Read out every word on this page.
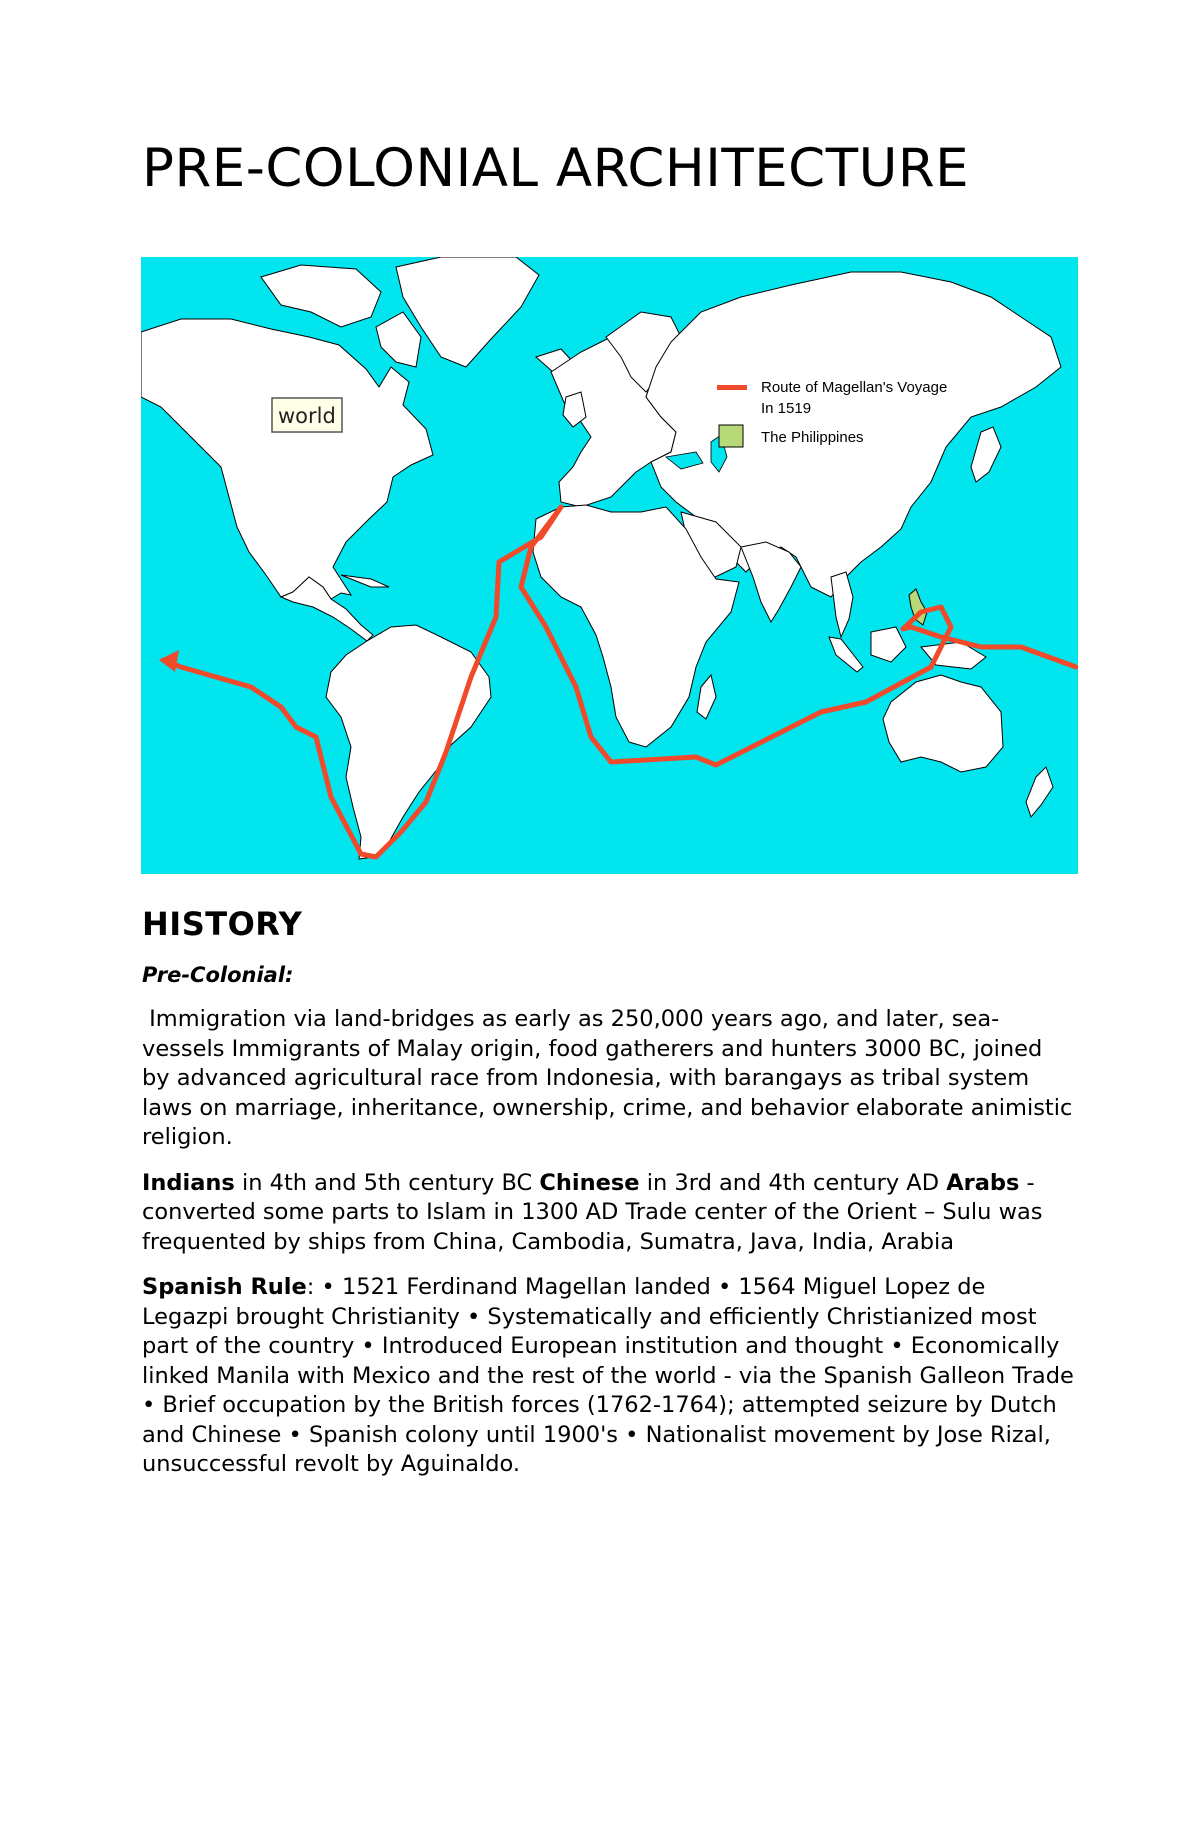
PRE-COLONIAL ARCHITECTURE
Route of Magellan's Voyage
In 1519
The Philippines
world
HISTORY

Pre-Colonial:

Immigration via land-bridges as early as 250,000 years ago, and later, sea-vessels Immigrants of Malay origin, food gatherers and hunters 3000 BC, joined by advanced agricultural race from Indonesia, with barangays as tribal system laws on marriage, inheritance, ownership, crime, and behavior elaborate animistic religion.

Indians in 4th and 5th century BC Chinese in 3rd and 4th century AD Arabs - converted some parts to Islam in 1300 AD Trade center of the Orient – Sulu was frequented by ships from China, Cambodia, Sumatra, Java, India, Arabia

Spanish Rule: • 1521 Ferdinand Magellan landed • 1564 Miguel Lopez de Legazpi brought Christianity • Systematically and efficiently Christianized most part of the country • Introduced European institution and thought • Economically linked Manila with Mexico and the rest of the world - via the Spanish Galleon Trade • Brief occupation by the British forces (1762-1764); attempted seizure by Dutch and Chinese • Spanish colony until 1900's • Nationalist movement by Jose Rizal, unsuccessful revolt by Aguinaldo.
